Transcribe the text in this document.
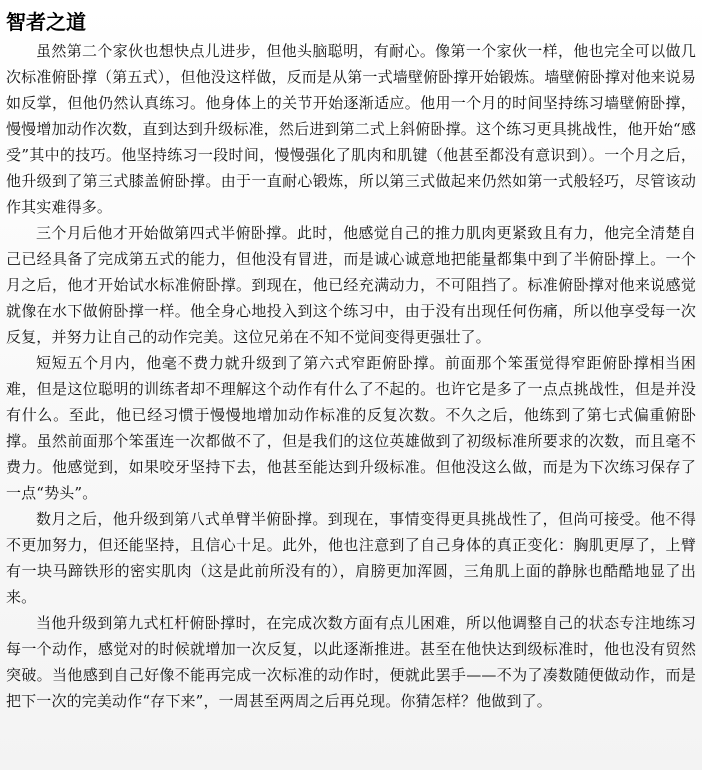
智者之道

虽然第二个家伙也想快点儿进步，但他头脑聪明，有耐心。像第一个家伙一样，他也完全可以做几次标准俯卧撑（第五式），但他没这样做，反而是从第一式墙壁俯卧撑开始锻炼。墙壁俯卧撑对他来说易如反掌，但他仍然认真练习。他身体上的关节开始逐渐适应。他用一个月的时间坚持练习墙壁俯卧撑，慢慢增加动作次数，直到达到升级标准，然后进到第二式上斜俯卧撑。这个练习更具挑战性，他开始“感受”其中的技巧。他坚持练习一段时间，慢慢强化了肌肉和肌键（他甚至都没有意识到）。一个月之后，他升级到了第三式膝盖俯卧撑。由于一直耐心锻炼，所以第三式做起来仍然如第一式般轻巧，尽管该动作其实难得多。

三个月后他才开始做第四式半俯卧撑。此时，他感觉自己的推力肌肉更紧致且有力，他完全清楚自己已经具备了完成第五式的能力，但他没有冒进，而是诚心诚意地把能量都集中到了半俯卧撑上。一个月之后，他才开始试水标准俯卧撑。到现在，他已经充满动力，不可阻挡了。标准俯卧撑对他来说感觉就像在水下做俯卧撑一样。他全身心地投入到这个练习中，由于没有出现任何伤痛，所以他享受每一次反复，并努力让自己的动作完美。这位兄弟在不知不觉间变得更强壮了。

短短五个月内，他毫不费力就升级到了第六式窄距俯卧撑。前面那个笨蛋觉得窄距俯卧撑相当困难，但是这位聪明的训练者却不理解这个动作有什么了不起的。也许它是多了一点点挑战性，但是并没有什么。至此，他已经习惯于慢慢地增加动作标准的反复次数。不久之后，他练到了第七式偏重俯卧撑。虽然前面那个笨蛋连一次都做不了，但是我们的这位英雄做到了初级标准所要求的次数，而且毫不费力。他感觉到，如果咬牙坚持下去，他甚至能达到升级标准。但他没这么做，而是为下次练习保存了一点“势头”。

数月之后，他升级到第八式单臂半俯卧撑。到现在，事情变得更具挑战性了，但尚可接受。他不得不更加努力，但还能坚持，且信心十足。此外，他也注意到了自己身体的真正变化：胸肌更厚了，上臂有一块马蹄铁形的密实肌肉（这是此前所没有的），肩膀更加浑圆，三角肌上面的静脉也酷酷地显了出来。

当他升级到第九式杠杆俯卧撑时，在完成次数方面有点儿困难，所以他调整自己的状态专注地练习每一个动作，感觉对的时候就增加一次反复，以此逐渐推进。甚至在他快达到级标准时，他也没有贸然突破。当他感到自己好像不能再完成一次标准的动作时，便就此罢手——不为了凑数随便做动作，而是把下一次的完美动作“存下来”，一周甚至两周之后再兑现。你猜怎样？他做到了。
